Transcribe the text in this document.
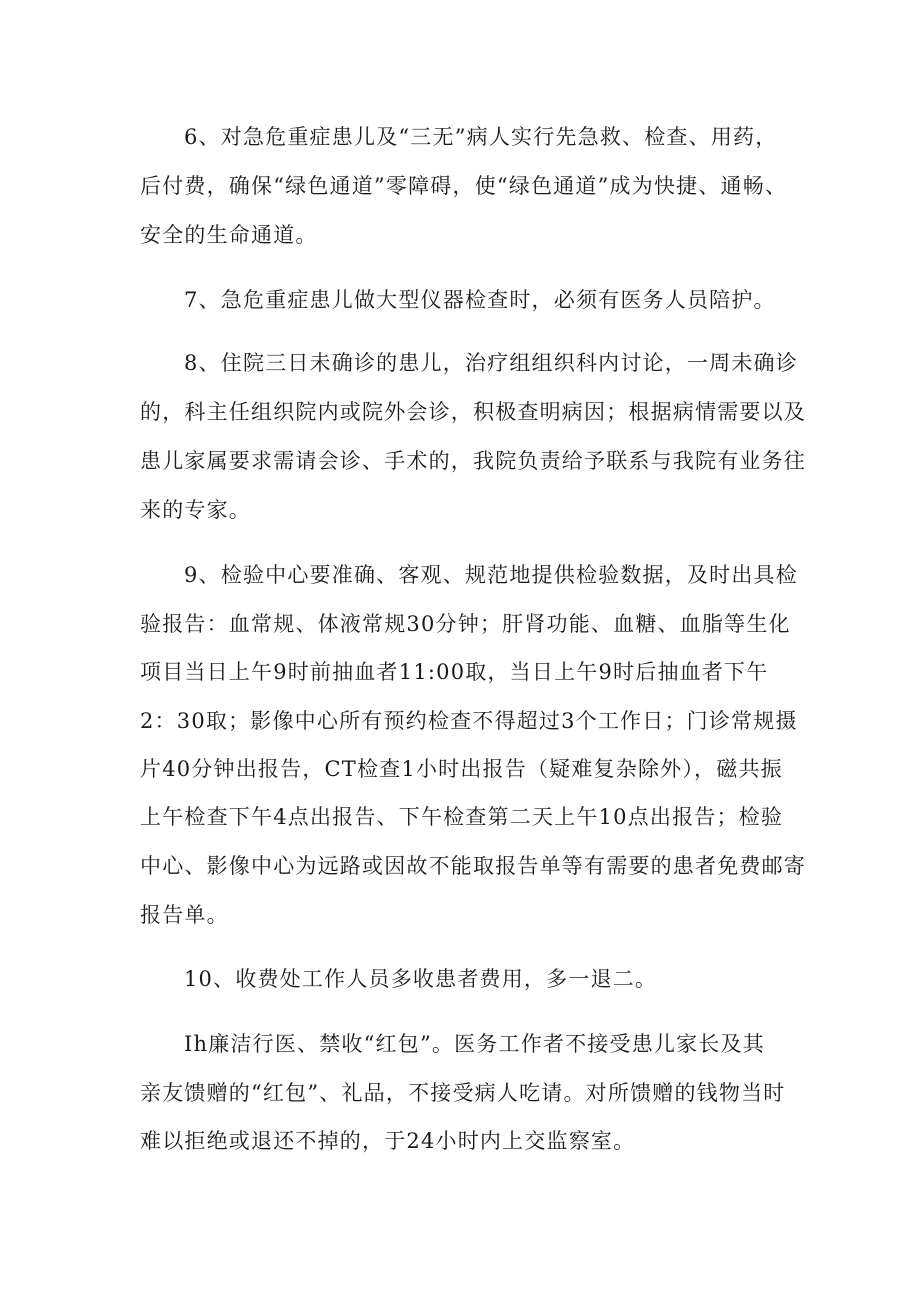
6、对急危重症患儿及“三无”病人实行先急救、检查、用药，
后付费，确保“绿色通道”零障碍，使“绿色通道”成为快捷、通畅、
安全的生命通道。
7、急危重症患儿做大型仪器检查时，必须有医务人员陪护。
8、住院三日未确诊的患儿，治疗组组织科内讨论，一周未确诊
的，科主任组织院内或院外会诊，积极查明病因；根据病情需要以及
患儿家属要求需请会诊、手术的，我院负责给予联系与我院有业务往
来的专家。
9、检验中心要准确、客观、规范地提供检验数据，及时出具检
验报告：血常规、体液常规30分钟；肝肾功能、血糖、血脂等生化
项目当日上午9时前抽血者11:00取，当日上午9时后抽血者下午
2：30取；影像中心所有预约检查不得超过3个工作日；门诊常规摄
片40分钟出报告，CT检查1小时出报告（疑难复杂除外），磁共振
上午检查下午4点出报告、下午检查第二天上午10点出报告；检验
中心、影像中心为远路或因故不能取报告单等有需要的患者免费邮寄
报告单。
10、收费处工作人员多收患者费用，多一退二。
Ih廉洁行医、禁收“红包”。医务工作者不接受患儿家长及其
亲友馈赠的“红包”、礼品，不接受病人吃请。对所馈赠的钱物当时
难以拒绝或退还不掉的，于24小时内上交监察室。
